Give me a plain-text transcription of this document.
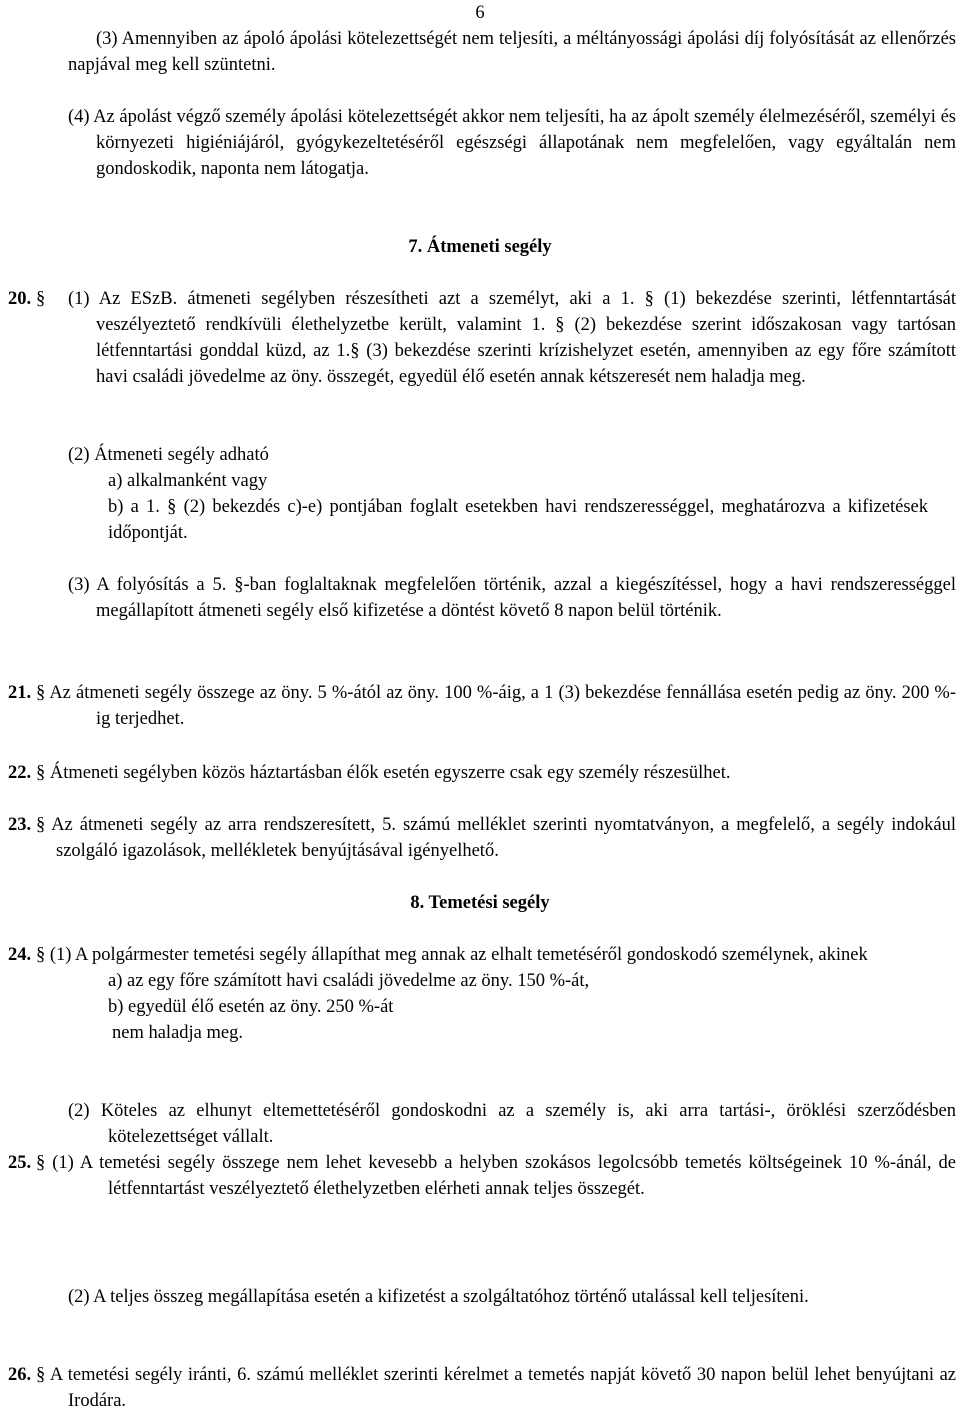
6
(3) Amennyiben az ápoló ápolási kötelezettségét nem teljesíti, a méltányossági ápolási díj folyósítását az ellenőrzés napjával meg kell szüntetni.
(4) Az ápolást végző személy ápolási kötelezettségét akkor nem teljesíti, ha az ápolt személy élelmezéséről, személyi és környezeti higiéniájáról, gyógykezeltetéséről egészségi állapotának nem megfelelően, vagy egyáltalán nem gondoskodik, naponta nem látogatja.
7. Átmeneti segély
20. § (1) Az ESzB. átmeneti segélyben részesítheti azt a személyt, aki a 1. § (1) bekezdése szerinti, létfenntartását veszélyeztető rendkívüli élethelyzetbe került, valamint 1. § (2) bekezdése szerint időszakosan vagy tartósan létfenntartási gonddal küzd, az 1.§ (3) bekezdése szerinti krízishelyzet esetén, amennyiben az egy főre számított havi családi jövedelme az öny. összegét, egyedül élő esetén annak kétszeresét nem haladja meg.
(2) Átmeneti segély adható
a) alkalmanként vagy
b) a 1. § (2) bekezdés c)-e) pontjában foglalt esetekben havi rendszerességgel, meghatározva a kifizetések időpontját.
(3) A folyósítás a 5. §-ban foglaltaknak megfelelően történik, azzal a kiegészítéssel, hogy a havi rendszerességgel megállapított átmeneti segély első kifizetése a döntést követő 8 napon belül történik.
21. § Az átmeneti segély összege az öny. 5 %-ától az öny. 100 %-áig, a 1 (3) bekezdése fennállása esetén pedig az öny. 200 %-ig terjedhet.
22. § Átmeneti segélyben közös háztartásban élők esetén egyszerre csak egy személy részesülhet.
23. § Az átmeneti segély az arra rendszeresített, 5. számú melléklet szerinti nyomtatványon, a megfelelő, a segély indokául szolgáló igazolások, mellékletek benyújtásával igényelhető.
8. Temetési segély
24. § (1) A polgármester temetési segély állapíthat meg annak az elhalt temetéséről gondoskodó személynek, akinek
a) az egy főre számított havi családi jövedelme az öny. 150 %-át,
b) egyedül élő esetén az öny. 250 %-át
nem haladja meg.
(2) Köteles az elhunyt eltemettetéséről gondoskodni az a személy is, aki arra tartási-, öröklési szerződésben kötelezettséget vállalt.
25. § (1) A temetési segély összege nem lehet kevesebb a helyben szokásos legolcsóbb temetés költségeinek 10 %-ánál, de létfenntartást veszélyeztető élethelyzetben elérheti annak teljes összegét.
(2) A teljes összeg megállapítása esetén a kifizetést a szolgáltatóhoz történő utalással kell teljesíteni.
26. § A temetési segély iránti, 6. számú melléklet szerinti kérelmet a temetés napját követő 30 napon belül lehet benyújtani az Irodára.
